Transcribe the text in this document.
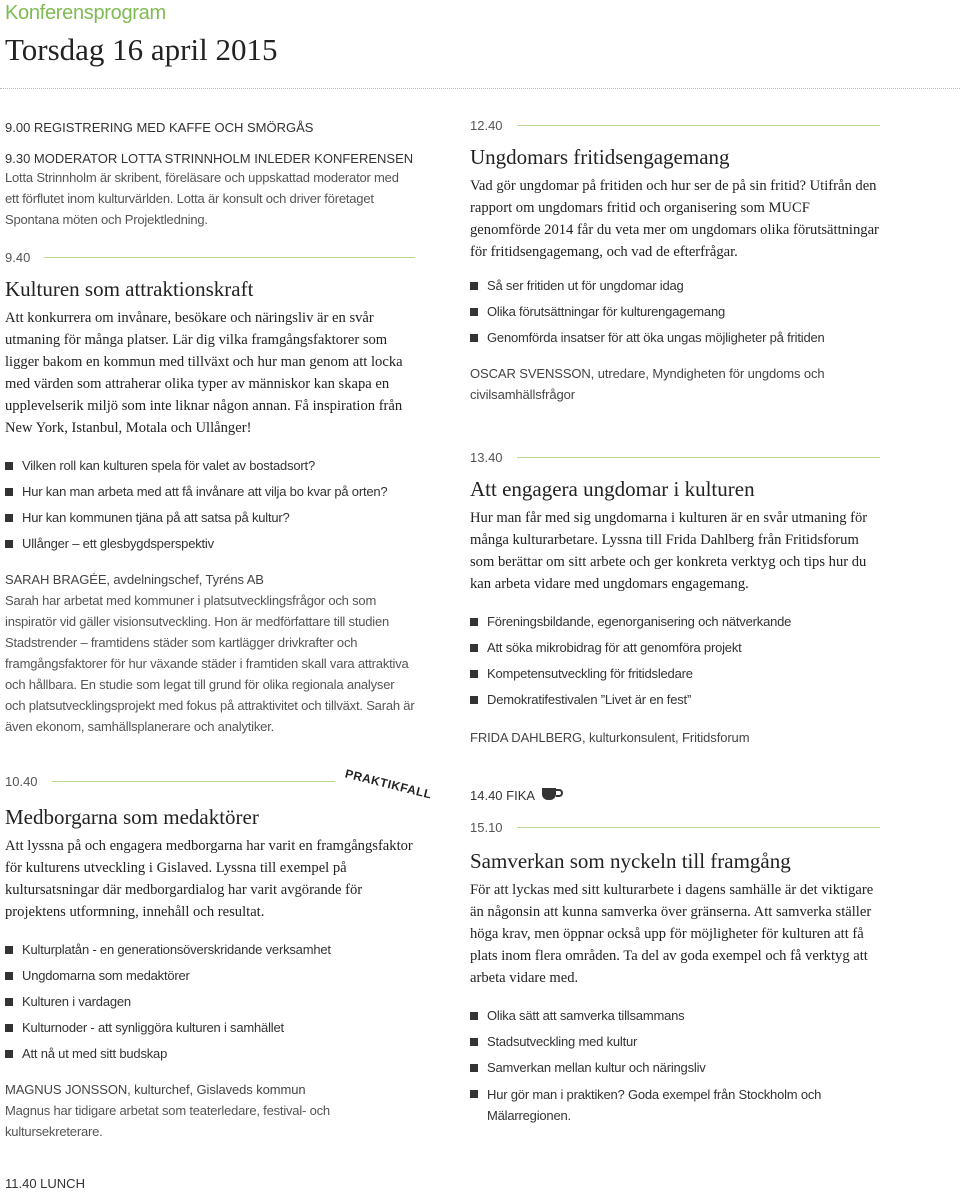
Konferensprogram
Torsdag 16 april 2015
9.00 REGISTRERING MED KAFFE OCH SMÖRGÅS
9.30 MODERATOR LOTTA STRINNHOLM INLEDER KONFERENSEN
Lotta Strinnholm är skribent, föreläsare och uppskattad moderator med ett förflutet inom kulturvärlden. Lotta är konsult och driver företaget Spontana möten och Projektledning.
9.40
Kulturen som attraktionskraft
Att konkurrera om invånare, besökare och näringsliv är en svår utmaning för många platser. Lär dig vilka framgångsfaktorer som ligger bakom en kommun med tillväxt och hur man genom att locka med värden som attraherar olika typer av människor kan skapa en upplevelserik miljö som inte liknar någon annan. Få inspiration från New York, Istanbul, Motala och Ullånger!
Vilken roll kan kulturen spela för valet av bostadsort?
Hur kan man arbeta med att få invånare att vilja bo kvar på orten?
Hur kan kommunen tjäna på att satsa på kultur?
Ullånger – ett glesbygdsperspektiv
SARAH BRAGÉE, avdelningschef, Tyréns AB
Sarah har arbetat med kommuner i platsutvecklingsfrågor och som inspiratör vid gäller visionsutveckling. Hon är medförfattare till studien Stadstrender – framtidens städer som kartlägger drivkrafter och framgångsfaktorer för hur växande städer i framtiden skall vara attraktiva och hållbara. En studie som legat till grund för olika regionala analyser och platsutvecklingsprojekt med fokus på attraktivitet och tillväxt. Sarah är även ekonom, samhällsplanerare och analytiker.
10.40
Medborgarna som medaktörer
Att lyssna på och engagera medborgarna har varit en framgångsfaktor för kulturens utveckling i Gislaved. Lyssna till exempel på kultursatsningar där medborgardialog har varit avgörande för projektens utformning, innehåll och resultat.
Kulturplatån - en generationsöverskridande verksamhet
Ungdomarna som medaktörer
Kulturen i vardagen
Kulturnoder - att synliggöra kulturen i samhället
Att nå ut med sitt budskap
MAGNUS JONSSON, kulturchef, Gislaveds kommun
Magnus har tidigare arbetat som teaterledare, festival- och kultursekreterare.
11.40 LUNCH
PRAKTIKFALL
12.40
Ungdomars fritidsengagemang
Vad gör ungdomar på fritiden och hur ser de på sin fritid? Utifrån den rapport om ungdomars fritid och organisering som MUCF genomförde 2014 får du veta mer om ungdomars olika förutsättningar för fritidsengagemang, och vad de efterfrågar.
Så ser fritiden ut för ungdomar idag
Olika förutsättningar för kulturengagemang
Genomförda insatser för att öka ungas möjligheter på fritiden
OSCAR SVENSSON, utredare, Myndigheten för ungdoms och civilsamhällsfrågor
13.40
Att engagera ungdomar i kulturen
Hur man får med sig ungdomarna i kulturen är en svår utmaning för många kulturarbetare. Lyssna till Frida Dahlberg från Fritidsforum som berättar om sitt arbete och ger konkreta verktyg och tips hur du kan arbeta vidare med ungdomars engagemang.
Föreningsbildande, egenorganisering och nätverkande
Att söka mikrobidrag för att genomföra projekt
Kompetensutveckling för fritidsledare
Demokratifestivalen ”Livet är en fest”
FRIDA DAHLBERG, kulturkonsulent, Fritidsforum
14.40 FIKA
15.10
Samverkan som nyckeln till framgång
För att lyckas med sitt kulturarbete i dagens samhälle är det viktigare än någonsin att kunna samverka över gränserna. Att samverka ställer höga krav, men öppnar också upp för möjligheter för kulturen att få plats inom flera områden. Ta del av goda exempel och få verktyg att arbeta vidare med.
Olika sätt att samverka tillsammans
Stadsutveckling med kultur
Samverkan mellan kultur och näringsliv
Hur gör man i praktiken? Goda exempel från Stockholm och Mälarregionen.
